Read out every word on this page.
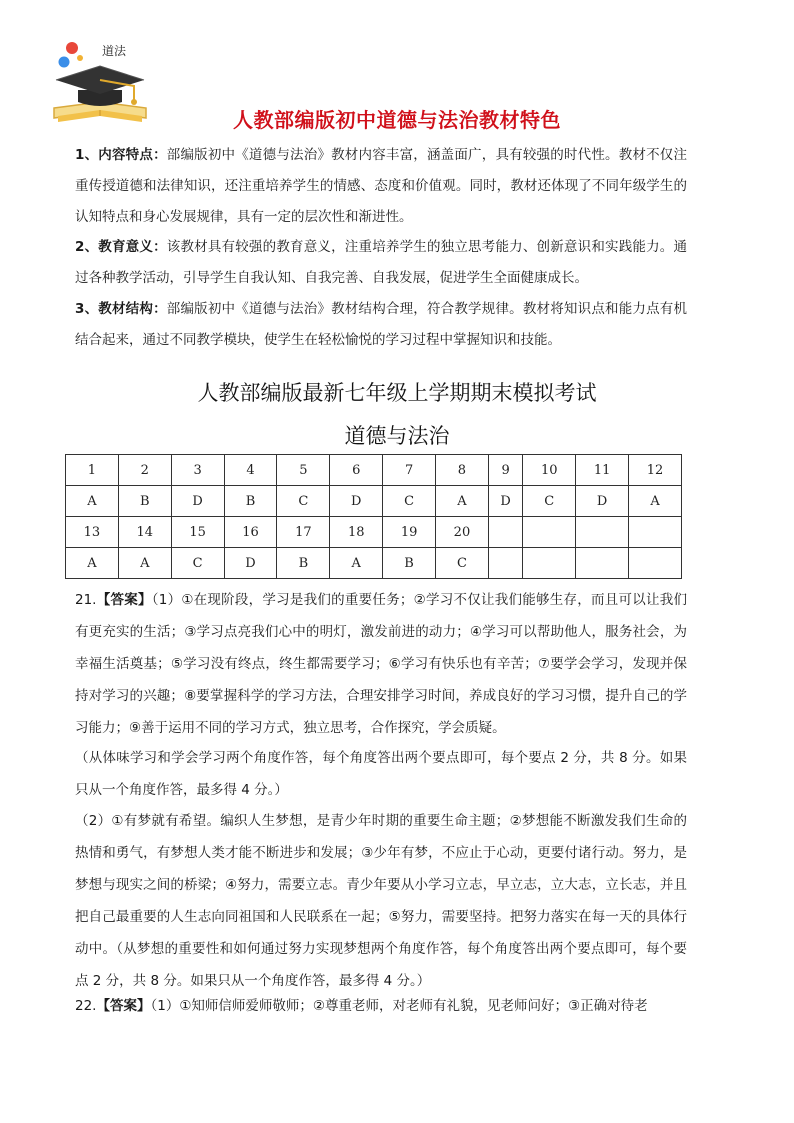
道法
人教部编版初中道德与法治教材特色
1、内容特点：部编版初中《道德与法治》教材内容丰富，涵盖面广，具有较强的时代性。教材不仅注重传授道德和法律知识，还注重培养学生的情感、态度和价值观。同时，教材还体现了不同年级学生的认知特点和身心发展规律，具有一定的层次性和渐进性。
2、教育意义：该教材具有较强的教育意义，注重培养学生的独立思考能力、创新意识和实践能力。通过各种教学活动，引导学生自我认知、自我完善、自我发展，促进学生全面健康成长。
3、教材结构：部编版初中《道德与法治》教材结构合理，符合教学规律。教材将知识点和能力点有机结合起来，通过不同教学模块，使学生在轻松愉悦的学习过程中掌握知识和技能。
人教部编版最新七年级上学期期末模拟考试
道德与法治
1	2	3	4	5	6	7	8	9	10	11	12
A	B	D	B	C	D	C	A	D	C	D	A
13	14	15	16	17	18	19	20				
A	A	C	D	B	A	B	C				
21.【答案】（1）①在现阶段，学习是我们的重要任务；②学习不仅让我们能够生存，而且可以让我们有更充实的生活；③学习点亮我们心中的明灯，激发前进的动力；④学习可以帮助他人，服务社会，为幸福生活奠基；⑤学习没有终点，终生都需要学习；⑥学习有快乐也有辛苦；⑦要学会学习，发现并保持对学习的兴趣；⑧要掌握科学的学习方法，合理安排学习时间，养成良好的学习习惯，提升自己的学习能力；⑨善于运用不同的学习方式，独立思考，合作探究，学会质疑。
（从体味学习和学会学习两个角度作答，每个角度答出两个要点即可，每个要点 2 分，共 8 分。如果只从一个角度作答，最多得 4 分。）
（2）①有梦就有希望。编织人生梦想，是青少年时期的重要生命主题；②梦想能不断激发我们生命的热情和勇气，有梦想人类才能不断进步和发展；③少年有梦，不应止于心动，更要付诸行动。努力，是梦想与现实之间的桥梁；④努力，需要立志。青少年要从小学习立志，早立志，立大志，立长志，并且把自己最重要的人生志向同祖国和人民联系在一起；⑤努力，需要坚持。把努力落实在每一天的具体行动中。（从梦想的重要性和如何通过努力实现梦想两个角度作答，每个角度答出两个要点即可，每个要点 2 分，共 8 分。如果只从一个角度作答，最多得 4 分。）
22.【答案】（1）①知师信师爱师敬师；②尊重老师，对老师有礼貌，见老师问好；③正确对待老
